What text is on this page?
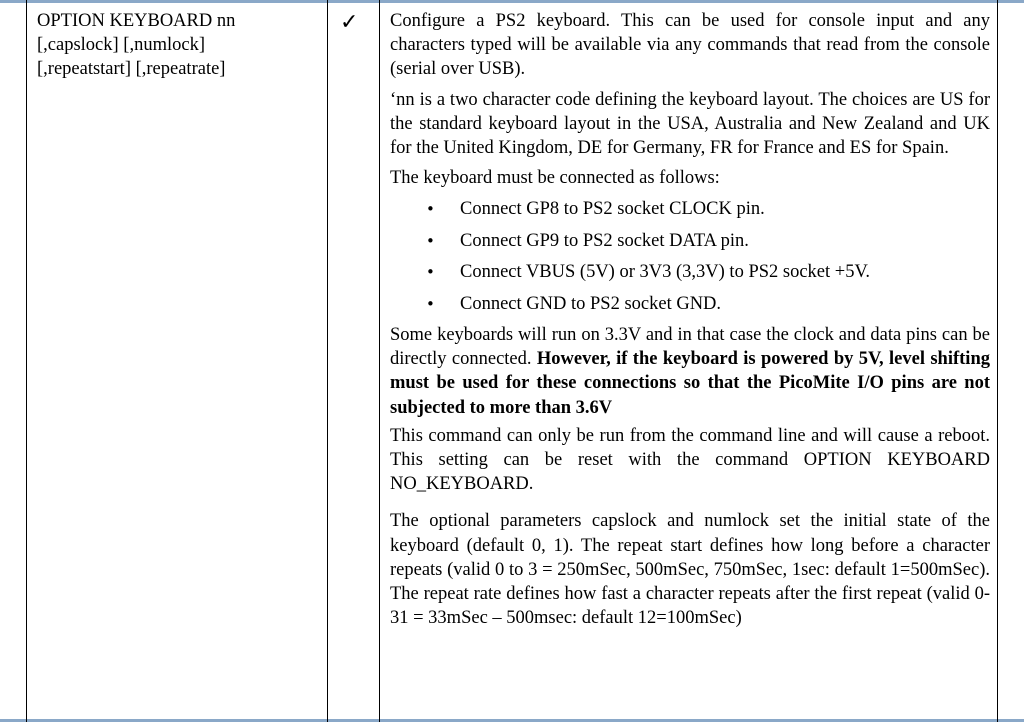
OPTION KEYBOARD nn
[,capslock] [,numlock]
[,repeatstart] [,repeatrate]
✓ Configure a PS2 keyboard. This can be used for console input and any characters typed will be available via any commands that read from the console (serial over USB).

‘nn is a two character code defining the keyboard layout. The choices are US for the standard keyboard layout in the USA, Australia and New Zealand and UK for the United Kingdom, DE for Germany, FR for France and ES for Spain.

The keyboard must be connected as follows:

• Connect GP8 to PS2 socket CLOCK pin.
• Connect GP9 to PS2 socket DATA pin.
• Connect VBUS (5V) or 3V3 (3,3V) to PS2 socket +5V.
• Connect GND to PS2 socket GND.

Some keyboards will run on 3.3V and in that case the clock and data pins can be directly connected. However, if the keyboard is powered by 5V, level shifting must be used for these connections so that the PicoMite I/O pins are not subjected to more than 3.6V

This command can only be run from the command line and will cause a reboot. This setting can be reset with the command OPTION KEYBOARD NO_KEYBOARD.

The optional parameters capslock and numlock set the initial state of the keyboard (default 0, 1). The repeat start defines how long before a character repeats (valid 0 to 3 = 250mSec, 500mSec, 750mSec, 1sec: default 1=500mSec). The repeat rate defines how fast a character repeats after the first repeat (valid 0-31 = 33mSec – 500msec: default 12=100mSec)
